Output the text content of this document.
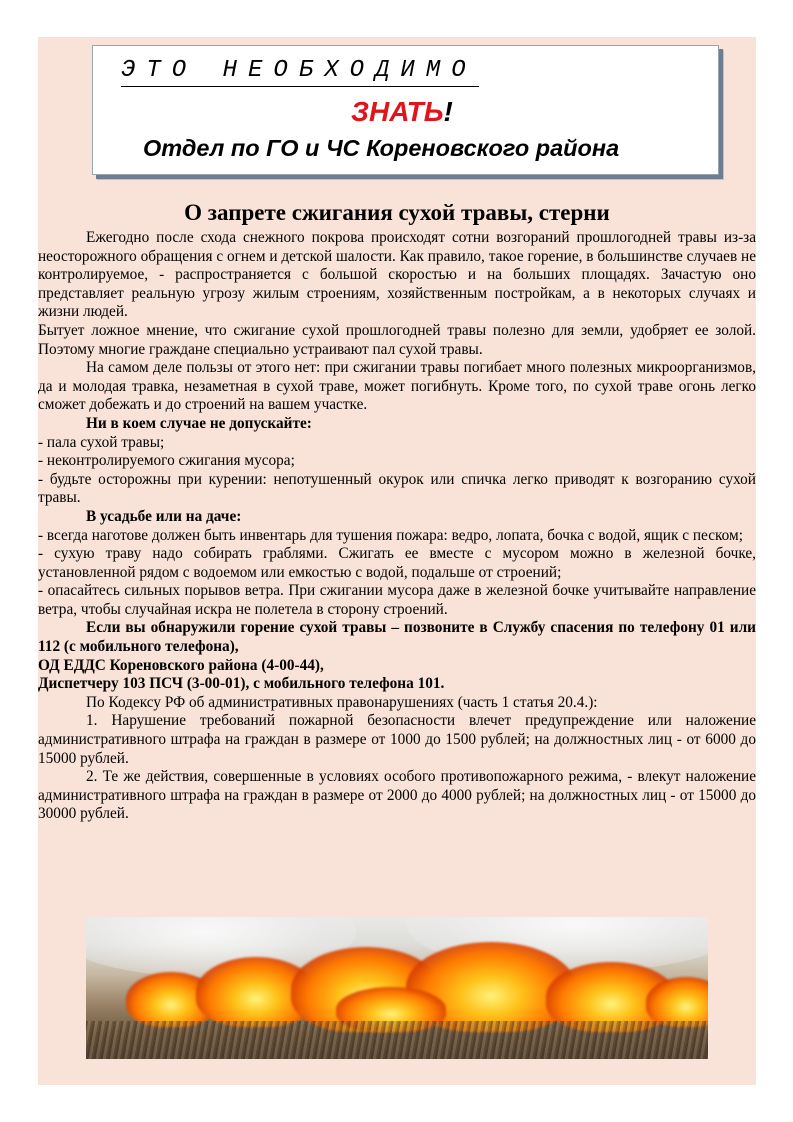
ЭТО НЕОБХОДИМО
ЗНАТЬ!
Отдел по ГО и ЧС Кореновского района
О запрете сжигания сухой травы, стерни

Ежегодно после схода снежного покрова происходят сотни возгораний прошлогодней травы из-за неосторожного обращения с огнем и детской шалости. Как правило, такое горение, в большинстве случаев не контролируемое, - распространяется с большой скоростью и на больших площадях. Зачастую оно представляет реальную угрозу жилым строениям, хозяйственным постройкам, а в некоторых случаях и жизни людей.

Бытует ложное мнение, что сжигание сухой прошлогодней травы полезно для земли, удобряет ее золой. Поэтому многие граждане специально устраивают пал сухой травы.

На самом деле пользы от этого нет: при сжигании травы погибает много полезных микроорганизмов, да и молодая травка, незаметная в сухой траве, может погибнуть. Кроме того, по сухой траве огонь легко сможет добежать и до строений на вашем участке.

Ни в коем случае не допускайте:

- пала сухой травы;

- неконтролируемого сжигания мусора;

- будьте осторожны при курении: непотушенный окурок или спичка легко приводят к возгоранию сухой травы.

В усадьбе или на даче:

- всегда наготове должен быть инвентарь для тушения пожара: ведро, лопата, бочка с водой, ящик с песком;

- сухую траву надо собирать граблями. Сжигать ее вместе с мусором можно в железной бочке, установленной рядом с водоемом или емкостью с водой, подальше от строений;

- опасайтесь сильных порывов ветра. При сжигании мусора даже в железной бочке учитывайте направление ветра, чтобы случайная искра не полетела в сторону строений.

Если вы обнаружили горение сухой травы – позвоните в Службу спасения по телефону 01 или 112 (с мобильного телефона),

ОД ЕДДС Кореновского района (4-00-44),

Диспетчеру 103 ПСЧ (3-00-01), с мобильного телефона 101.

По Кодексу РФ об административных правонарушениях (часть 1 статья 20.4.):

1. Нарушение требований пожарной безопасности влечет предупреждение или наложение административного штрафа на граждан в размере от 1000 до 1500 рублей; на должностных лиц - от 6000 до 15000 рублей.

2. Те же действия, совершенные в условиях особого противопожарного режима, - влекут наложение административного штрафа на граждан в размере от 2000 до 4000 рублей; на должностных лиц - от 15000 до 30000 рублей.
